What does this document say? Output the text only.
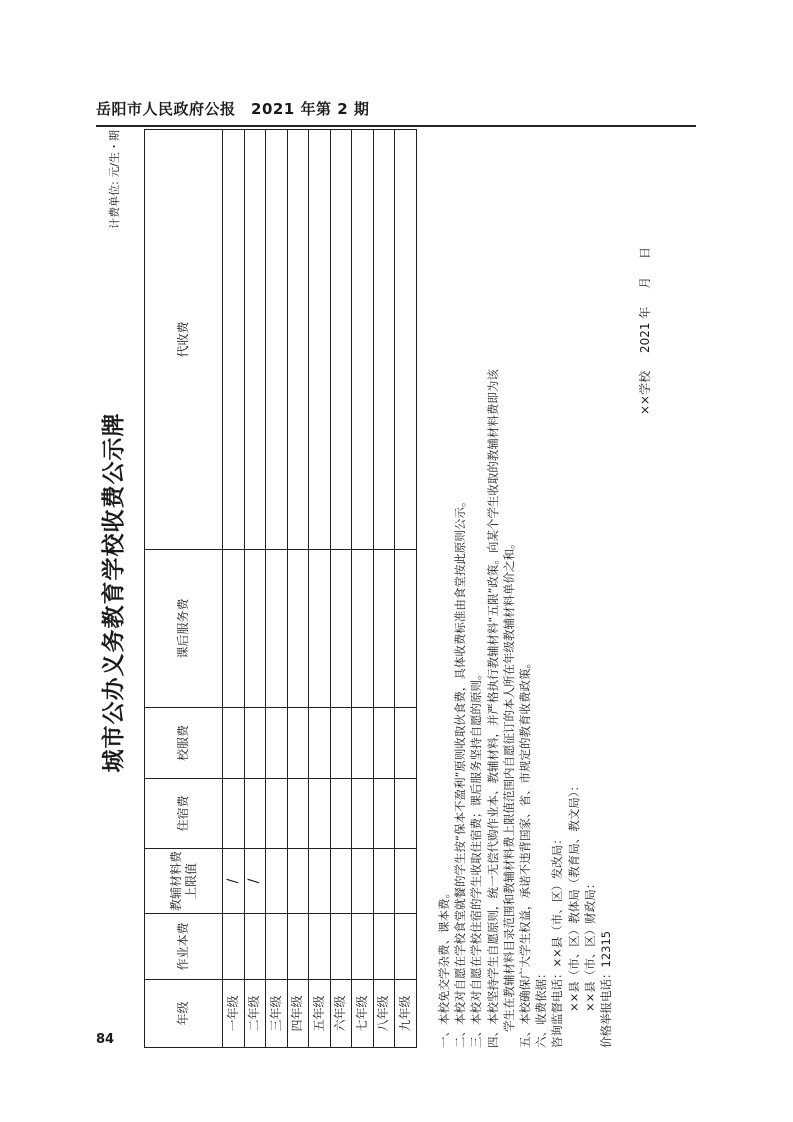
岳阳市人民政府公报　2021 年第 2 期
城市公办义务教育学校收费公示牌
计费单位: 元/生・期
年级	作业本费	教辅材料费上限值	住宿费	校服费	课后服务费	代收费
一年级		/				
二年级		/				
三年级						
四年级						
五年级						
六年级						
七年级						
八年级						
九年级						一、本校免交学杂费、课本费。 二、本校对自愿在学校食堂就餐的学生按“保本不盈利”原则收取伙食费，具体收费标准由食堂按此原则公示。 三、本校对自愿在学校住宿的学生收取住宿费；课后服务坚持自愿的原则。 四、本校坚持学生自愿原则，统一无偿代购作业本、教辅材料，并严格执行教辅材料“五限”政策。向某个学生收取的教辅材料费即为该 学生在教辅材料目录范围和教辅材料费上限值范围内自愿征订的本人所在年级教辅材料单价之和。 五、本校确保广大学生权益，承诺不违背国家、省、市规定的教育收费政策。 六、收费依据： 咨询监督电话：××县（市、区）发改局： ××县（市、区）教体局（教育局、教文局）： ××县（市、区）财政局： 价格举报电话：12315
××学校 2021 年 月 日
84
